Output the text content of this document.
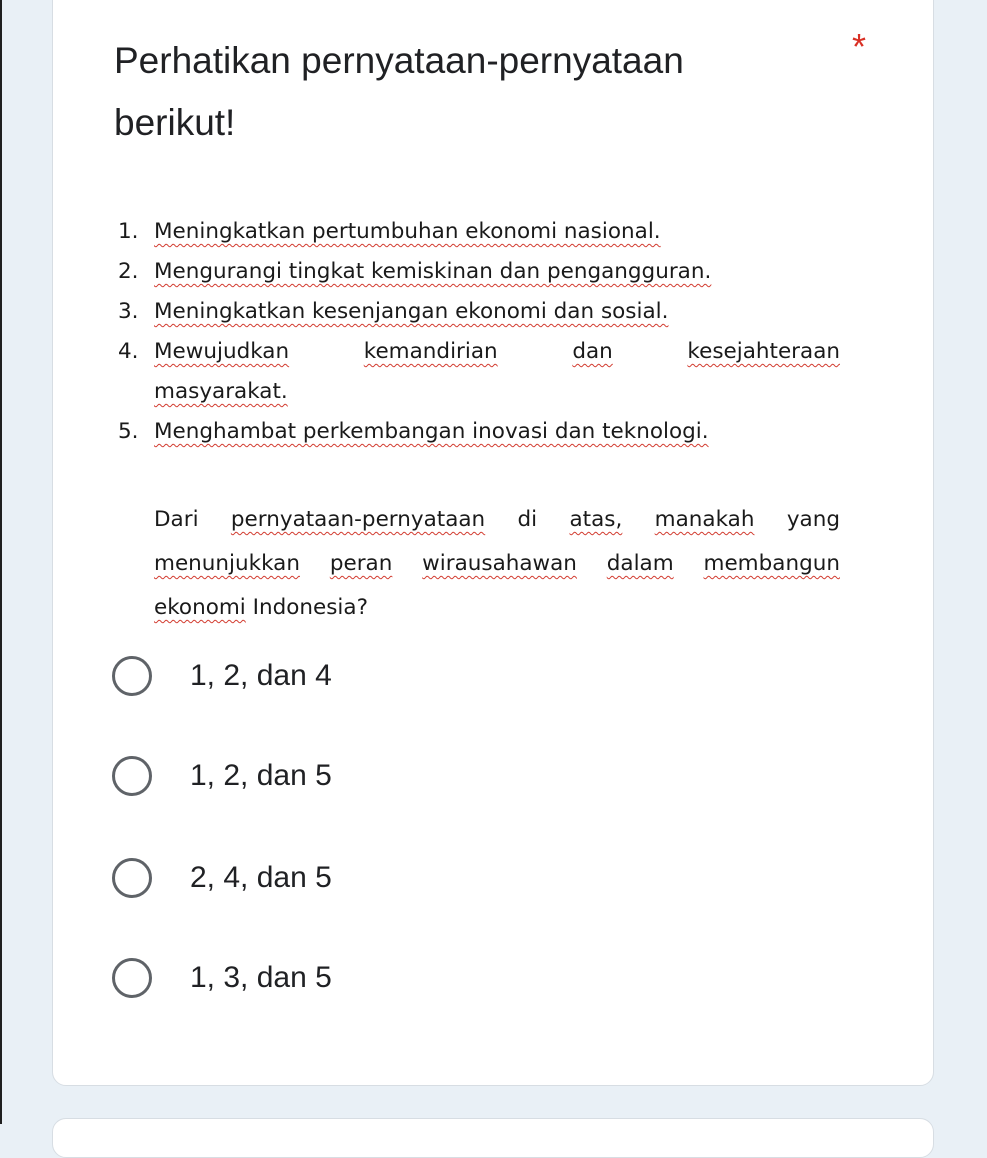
Perhatikan pernyataan-pernyataan berikut!
*
1. Meningkatkan pertumbuhan ekonomi nasional.
2. Mengurangi tingkat kemiskinan dan pengangguran.
3. Meningkatkan kesenjangan ekonomi dan sosial.
4. Mewujudkan	kemandirian	dan	kesejahteraan
masyarakat.
5. Menghambat perkembangan inovasi dan teknologi.
Dari pernyataan-pernyataan di atas, manakah yang
menunjukkan peran wirausahawan dalam membangun
ekonomi Indonesia?
1, 2, dan 4
1, 2, dan 5
2, 4, dan 5
1, 3, dan 5
